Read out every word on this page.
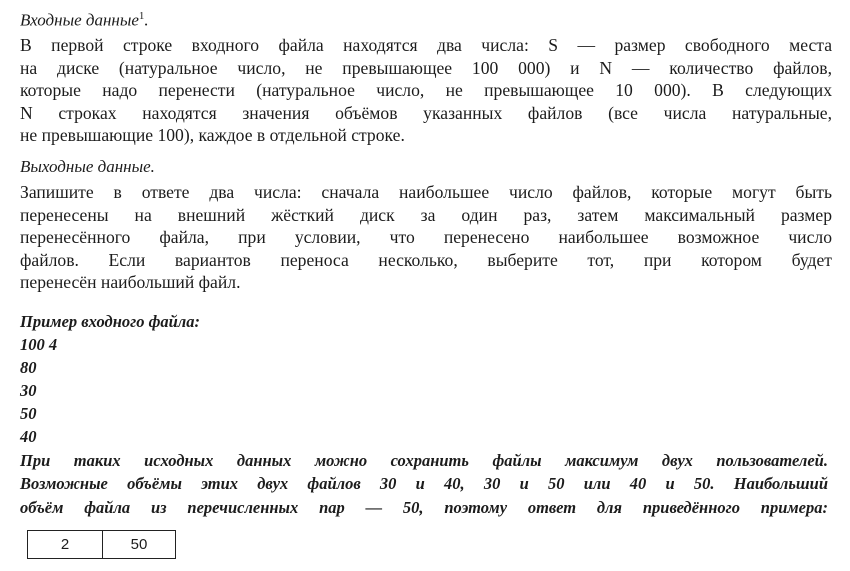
Входные данные$^1$.
В первой строке входного файла находятся два числа: S — размер свободного места
на диске (натуральное число, не превышающее 100 000) и N — количество файлов,
которые надо перенести (натуральное число, не превышающее 10 000). В следующих
N строках находятся значения объёмов указанных файлов (все числа натуральные,
не превышающие 100), каждое в отдельной строке.
Выходные данные.
Запишите в ответе два числа: сначала наибольшее число файлов, которые могут быть
перенесены на внешний жёсткий диск за один раз, затем максимальный размер
перенесённого файла, при условии, что перенесено наибольшее возможное число
файлов. Если вариантов переноса несколько, выберите тот, при котором будет
перенесён наибольший файл.
Пример входного файла:
100 4
80
30
50
40
При таких исходных данных можно сохранить файлы максимум двух пользователей.
Возможные объёмы этих двух файлов 30 и 40, 30 и 50 или 40 и 50. Наибольший
объём файла из перечисленных пар — 50, поэтому ответ для приведённого примера:
2	50
